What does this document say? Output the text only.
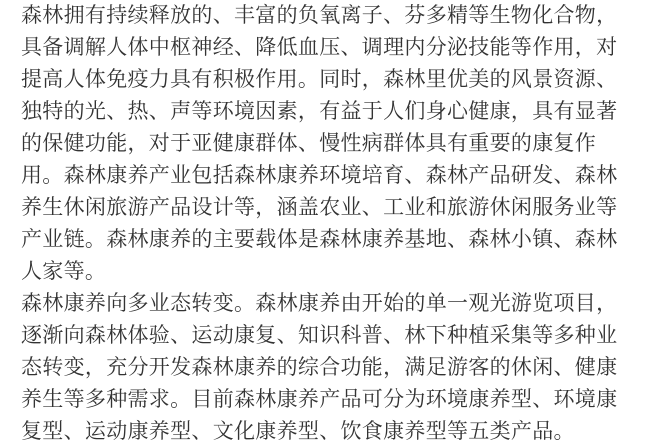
森林拥有持续释放的、丰富的负氧离子、芬多精等生物化合物，
具备调解人体中枢神经、降低血压、调理内分泌技能等作用，对
提高人体免疫力具有积极作用。同时，森林里优美的风景资源、
独特的光、热、声等环境因素，有益于人们身心健康，具有显著
的保健功能，对于亚健康群体、慢性病群体具有重要的康复作
用。森林康养产业包括森林康养环境培育、森林产品研发、森林
养生休闲旅游产品设计等，涵盖农业、工业和旅游休闲服务业等
产业链。森林康养的主要载体是森林康养基地、森林小镇、森林
人家等。
森林康养向多业态转变。森林康养由开始的单一观光游览项目，
逐渐向森林体验、运动康复、知识科普、林下种植采集等多种业
态转变，充分开发森林康养的综合功能，满足游客的休闲、健康
养生等多种需求。目前森林康养产品可分为环境康养型、环境康
复型、运动康养型、文化康养型、饮食康养型等五类产品。
